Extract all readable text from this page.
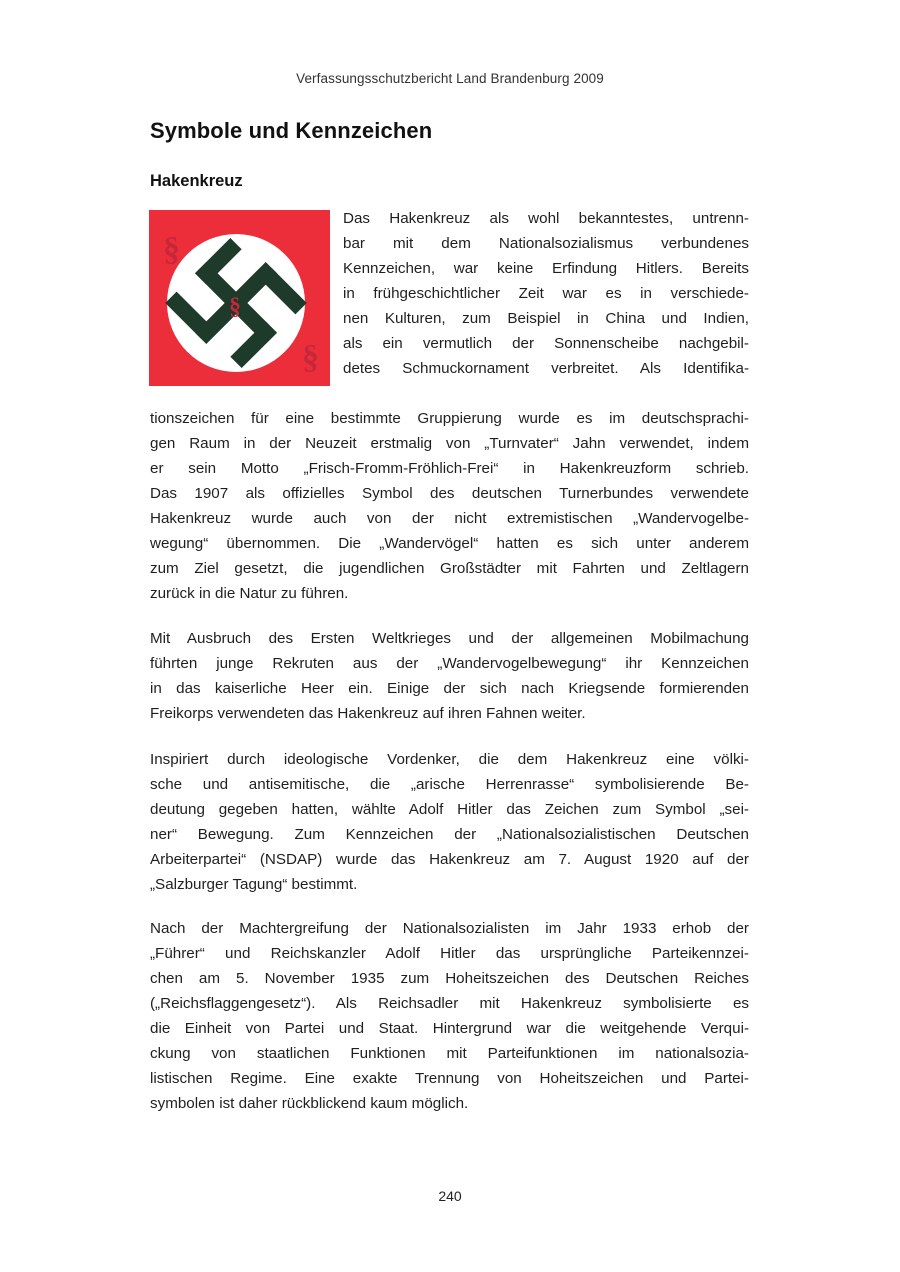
Verfassungsschutzbericht Land Brandenburg 2009
Symbole und Kennzeichen
Hakenkreuz
§
§
§
Das Hakenkreuz als wohl bekanntestes, untrenn-
bar mit dem Nationalsozialismus verbundenes
Kennzeichen, war keine Erfindung Hitlers. Bereits
in frühgeschichtlicher Zeit war es in verschiede-
nen Kulturen, zum Beispiel in China und Indien,
als ein vermutlich der Sonnenscheibe nachgebil-
detes Schmuckornament verbreitet. Als Identifika-
tionszeichen für eine bestimmte Gruppierung wurde es im deutschsprachi-
gen Raum in der Neuzeit erstmalig von „Turnvater“ Jahn verwendet, indem
er sein Motto „Frisch-Fromm-Fröhlich-Frei“ in Hakenkreuzform schrieb.
Das 1907 als offizielles Symbol des deutschen Turnerbundes verwendete
Hakenkreuz wurde auch von der nicht extremistischen „Wandervogelbe-
wegung“ übernommen. Die „Wandervögel“ hatten es sich unter anderem
zum Ziel gesetzt, die jugendlichen Großstädter mit Fahrten und Zeltlagern
zurück in die Natur zu führen.
Mit Ausbruch des Ersten Weltkrieges und der allgemeinen Mobilmachung
führten junge Rekruten aus der „Wandervogelbewegung“ ihr Kennzeichen
in das kaiserliche Heer ein. Einige der sich nach Kriegsende formierenden
Freikorps verwendeten das Hakenkreuz auf ihren Fahnen weiter.
Inspiriert durch ideologische Vordenker, die dem Hakenkreuz eine völki-
sche und antisemitische, die „arische Herrenrasse“ symbolisierende Be-
deutung gegeben hatten, wählte Adolf Hitler das Zeichen zum Symbol „sei-
ner“ Bewegung. Zum Kennzeichen der „Nationalsozialistischen Deutschen
Arbeiterpartei“ (NSDAP) wurde das Hakenkreuz am 7. August 1920 auf der
„Salzburger Tagung“ bestimmt.
Nach der Machtergreifung der Nationalsozialisten im Jahr 1933 erhob der
„Führer“ und Reichskanzler Adolf Hitler das ursprüngliche Parteikennzei-
chen am 5. November 1935 zum Hoheitszeichen des Deutschen Reiches
(„Reichsflaggengesetz“). Als Reichsadler mit Hakenkreuz symbolisierte es
die Einheit von Partei und Staat. Hintergrund war die weitgehende Verqui-
ckung von staatlichen Funktionen mit Parteifunktionen im nationalsozia-
listischen Regime. Eine exakte Trennung von Hoheitszeichen und Partei-
symbolen ist daher rückblickend kaum möglich.
240
